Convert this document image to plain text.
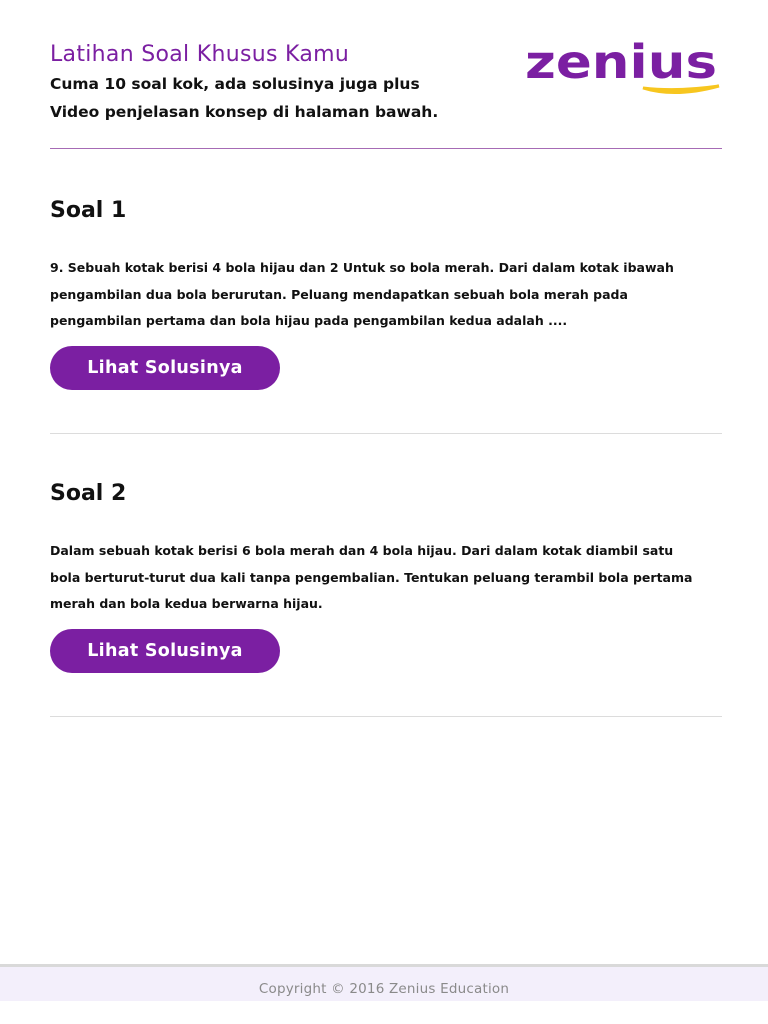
Latihan Soal Khusus Kamu

Cuma 10 soal kok, ada solusinya juga plus

Video penjelasan konsep di halaman bawah.

zenius
Soal 1

9. Sebuah kotak berisi 4 bola hijau dan 2 Untuk so bola merah. Dari dalam kotak ibawah
pengambilan dua bola berurutan. Peluang mendapatkan sebuah bola merah pada
pengambilan pertama dan bola hijau pada pengambilan kedua adalah ....

Lihat Solusinya
Soal 2

Dalam sebuah kotak berisi 6 bola merah dan 4 bola hijau. Dari dalam kotak diambil satu
bola berturut-turut dua kali tanpa pengembalian. Tentukan peluang terambil bola pertama
merah dan bola kedua berwarna hijau.

Lihat Solusinya
Copyright © 2016 Zenius Education
